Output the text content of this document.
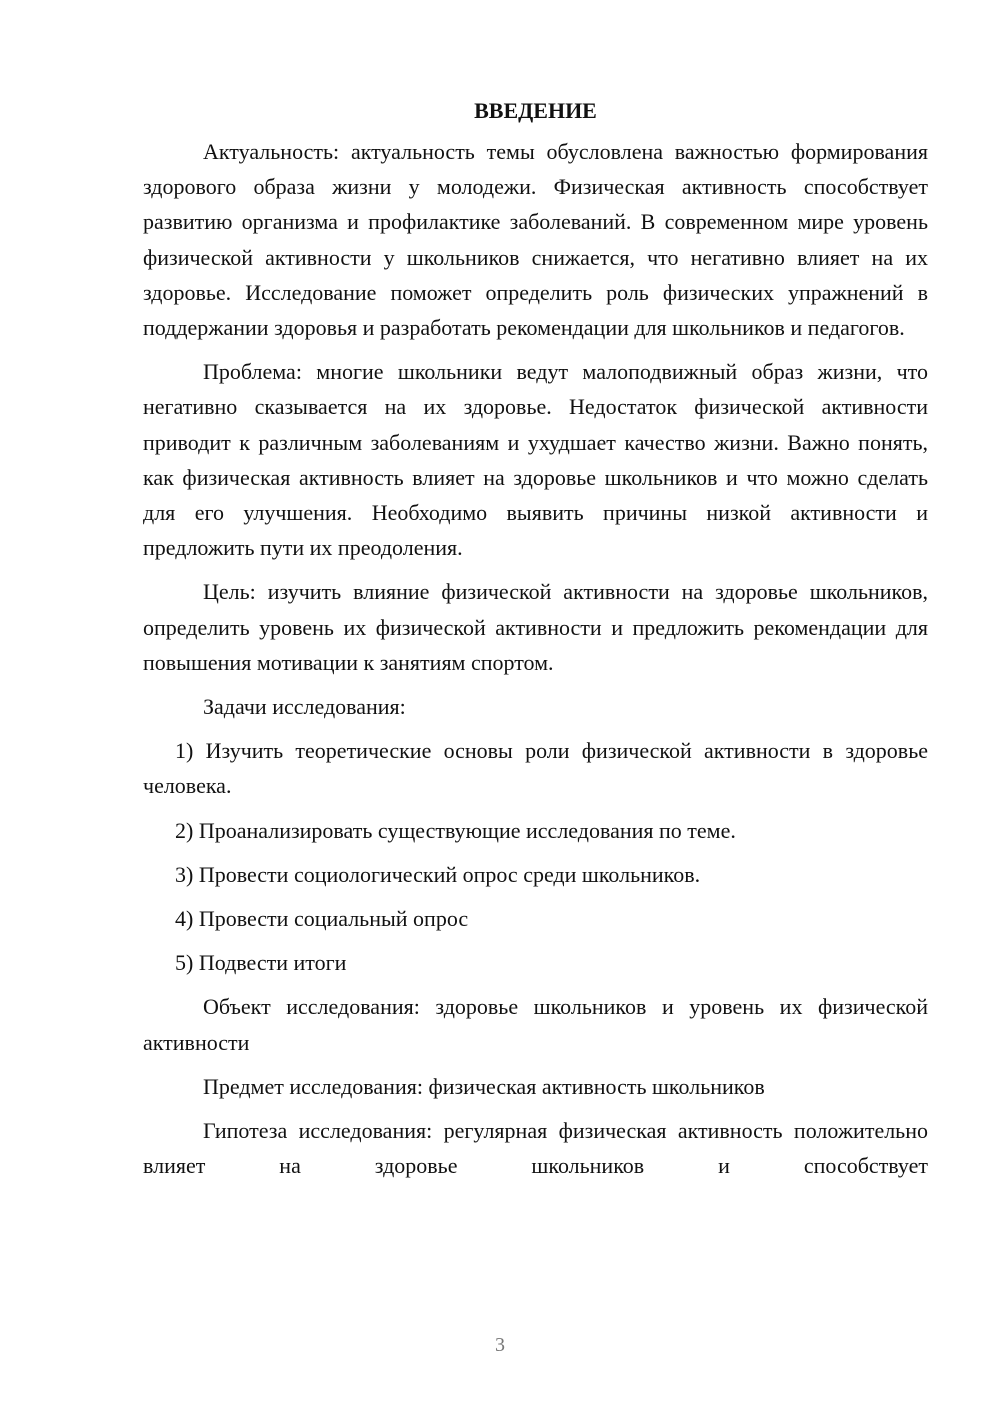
ВВЕДЕНИЕ

Актуальность: актуальность темы обусловлена важностью формирования здорового образа жизни у молодежи. Физическая активность способствует развитию организма и профилактике заболеваний. В современном мире уровень физической активности у школьников снижается, что негативно влияет на их здоровье. Исследование поможет определить роль физических упражнений в поддержании здоровья и разработать рекомендации для школьников и педагогов.

Проблема: многие школьники ведут малоподвижный образ жизни, что негативно сказывается на их здоровье. Недостаток физической активности приводит к различным заболеваниям и ухудшает качество жизни. Важно понять, как физическая активность влияет на здоровье школьников и что можно сделать для его улучшения. Необходимо выявить причины низкой активности и предложить пути их преодоления.

Цель: изучить влияние физической активности на здоровье школьников, определить уровень их физической активности и предложить рекомендации для повышения мотивации к занятиям спортом.

Задачи исследования:

1) Изучить теоретические основы роли физической активности в здоровье человека.

2) Проанализировать существующие исследования по теме.

3) Провести социологический опрос среди школьников.

4) Провести социальный опрос

5) Подвести итоги

Объект исследования: здоровье школьников и уровень их физической активности

Предмет исследования: физическая активность школьников

Гипотеза исследования: регулярная физическая активность положительно влияет на здоровье школьников и способствует

3
